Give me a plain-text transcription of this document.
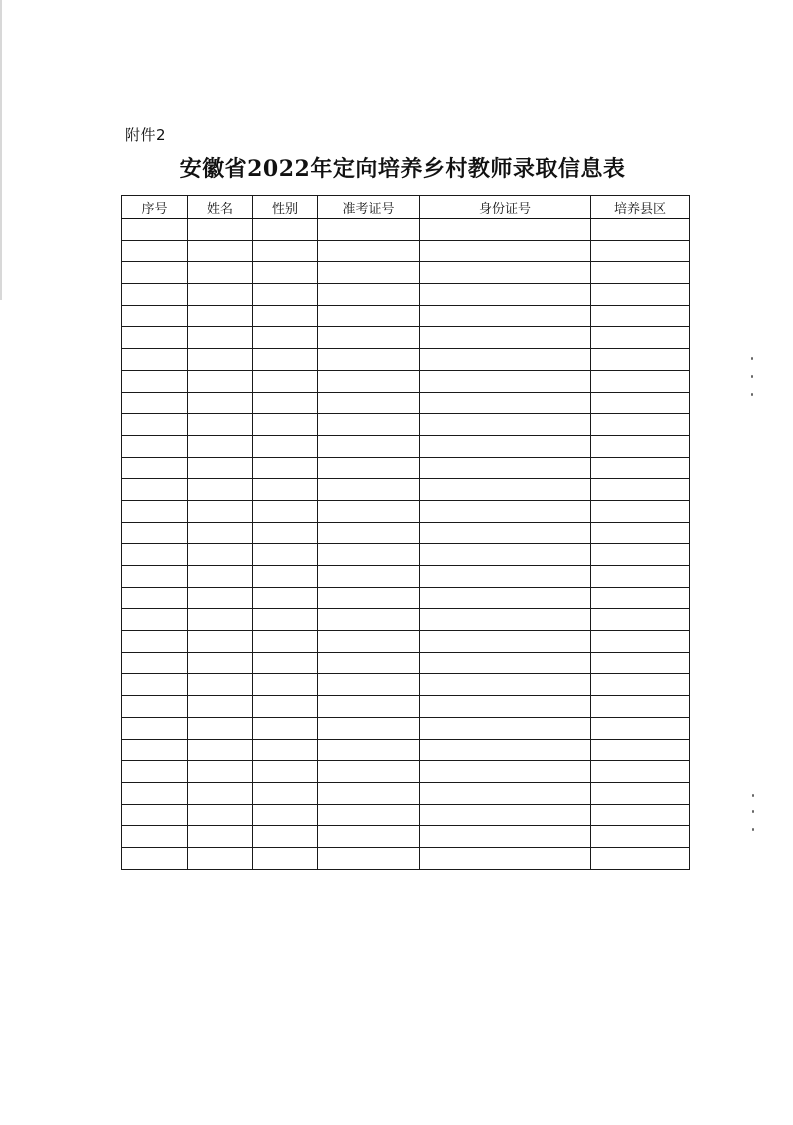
附件2
安徽省2022年定向培养乡村教师录取信息表
序号	姓名	性别	准考证号	身份证号	培养县区
